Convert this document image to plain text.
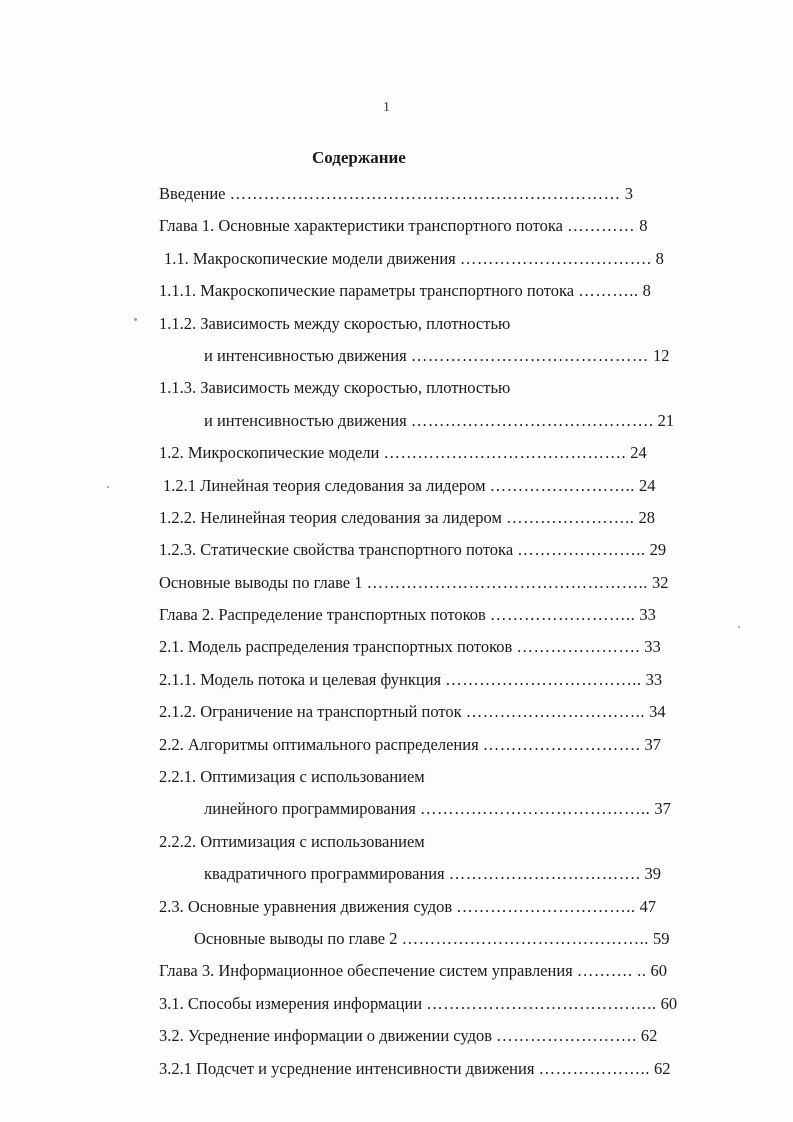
1
Содержание
Введение …………………………………………………………… 3
Глава 1. Основные характеристики транспортного потока ………… 8
1.1. Макроскопические модели движения ……………………………. 8
1.1.1. Макроскопические параметры транспортного потока ……….. 8
1.1.2. Зависимость между скоростью, плотностью
и интенсивностью движения …………………………………… 12
1.1.3. Зависимость между скоростью, плотностью
и интенсивностью движения ……………………………………. 21
1.2. Микроскопические модели ……………………………………. 24
1.2.1 Линейная теория следования за лидером …………………….. 24
1.2.2. Нелинейная теория следования за лидером ………………….. 28
1.2.3. Статические свойства транспортного потока ………………….. 29
Основные выводы по главе 1 ………………………………………….. 32
Глава 2. Распределение транспортных потоков …………………….. 33
2.1. Модель распределения транспортных потоков …………………. 33
2.1.1. Модель потока и целевая функция …………………………….. 33
2.1.2. Ограничение на транспортный поток ………………………….. 34
2.2. Алгоритмы оптимального распределения ………………………. 37
2.2.1. Оптимизация с использованием
линейного программирования ………………………………….. 37
2.2.2. Оптимизация с использованием
квадратичного программирования ……………………………. 39
2.3. Основные уравнения движения судов ………………………….. 47
Основные выводы по главе 2 …………………………………….. 59
Глава 3. Информационное обеспечение систем управления ………. .. 60
3.1. Способы измерения информации ………………………………….. 60
3.2. Усреднение информации о движении судов ……………………. 62
3.2.1 Подсчет и усреднение интенсивности движения ……………….. 62
